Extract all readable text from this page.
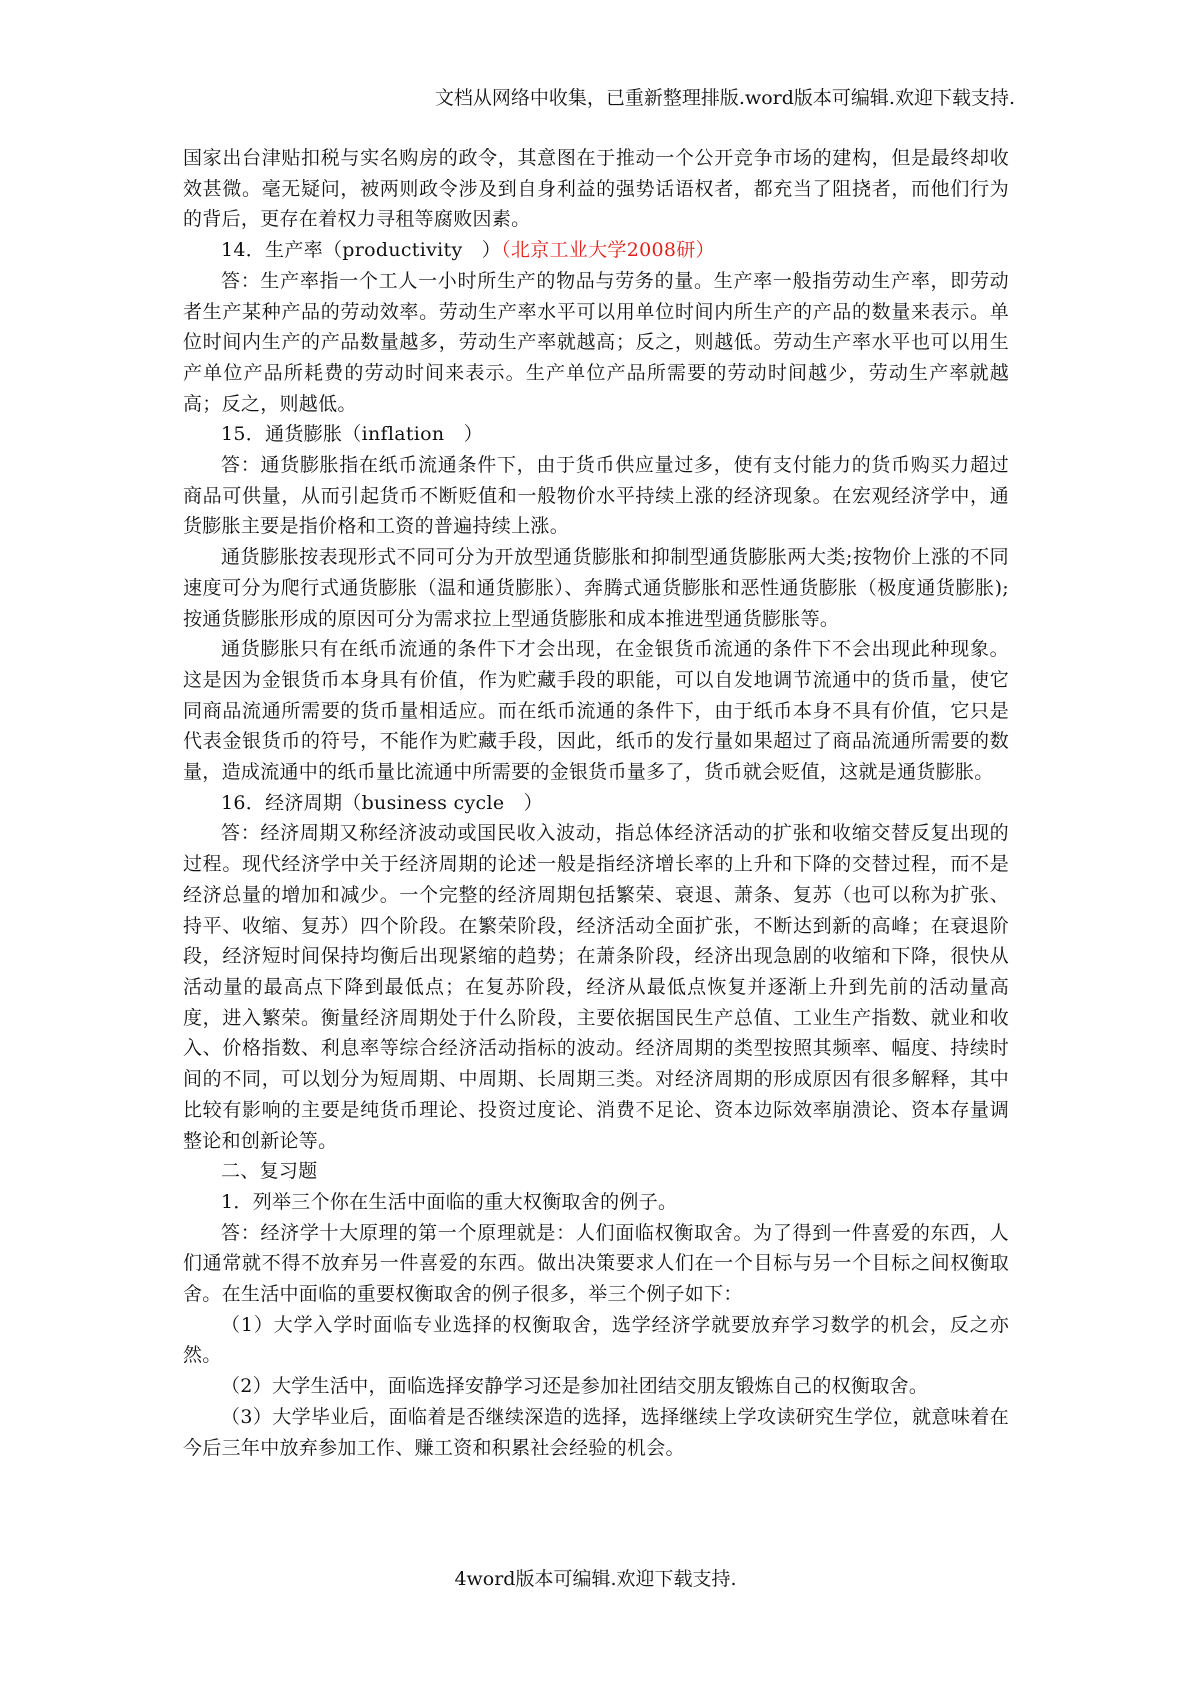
文档从网络中收集，已重新整理排版.word版本可编辑.欢迎下载支持.

国家出台津贴扣税与实名购房的政令，其意图在于推动一个公开竞争市场的建构，但是最终却收效甚微。毫无疑问，被两则政令涉及到自身利益的强势话语权者，都充当了阻挠者，而他们行为的背后，更存在着权力寻租等腐败因素。

14．生产率（productivity　）（北京工业大学2008研）

答：生产率指一个工人一小时所生产的物品与劳务的量。生产率一般指劳动生产率，即劳动者生产某种产品的劳动效率。劳动生产率水平可以用单位时间内所生产的产品的数量来表示。单位时间内生产的产品数量越多，劳动生产率就越高；反之，则越低。劳动生产率水平也可以用生产单位产品所耗费的劳动时间来表示。生产单位产品所需要的劳动时间越少，劳动生产率就越高；反之，则越低。

15．通货膨胀（inflation　）

答：通货膨胀指在纸币流通条件下，由于货币供应量过多，使有支付能力的货币购买力超过商品可供量，从而引起货币不断贬值和一般物价水平持续上涨的经济现象。在宏观经济学中，通货膨胀主要是指价格和工资的普遍持续上涨。

通货膨胀按表现形式不同可分为开放型通货膨胀和抑制型通货膨胀两大类;按物价上涨的不同速度可分为爬行式通货膨胀（温和通货膨胀）、奔腾式通货膨胀和恶性通货膨胀（极度通货膨胀);按通货膨胀形成的原因可分为需求拉上型通货膨胀和成本推进型通货膨胀等。

通货膨胀只有在纸币流通的条件下才会出现，在金银货币流通的条件下不会出现此种现象。这是因为金银货币本身具有价值，作为贮藏手段的职能，可以自发地调节流通中的货币量，使它同商品流通所需要的货币量相适应。而在纸币流通的条件下，由于纸币本身不具有价值，它只是代表金银货币的符号，不能作为贮藏手段，因此，纸币的发行量如果超过了商品流通所需要的数量，造成流通中的纸币量比流通中所需要的金银货币量多了，货币就会贬值，这就是通货膨胀。

16．经济周期（business cycle　）

答：经济周期又称经济波动或国民收入波动，指总体经济活动的扩张和收缩交替反复出现的过程。现代经济学中关于经济周期的论述一般是指经济增长率的上升和下降的交替过程，而不是经济总量的增加和减少。一个完整的经济周期包括繁荣、衰退、萧条、复苏（也可以称为扩张、持平、收缩、复苏）四个阶段。在繁荣阶段，经济活动全面扩张，不断达到新的高峰；在衰退阶段，经济短时间保持均衡后出现紧缩的趋势；在萧条阶段，经济出现急剧的收缩和下降，很快从活动量的最高点下降到最低点；在复苏阶段，经济从最低点恢复并逐渐上升到先前的活动量高度，进入繁荣。衡量经济周期处于什么阶段，主要依据国民生产总值、工业生产指数、就业和收入、价格指数、利息率等综合经济活动指标的波动。经济周期的类型按照其频率、幅度、持续时间的不同，可以划分为短周期、中周期、长周期三类。对经济周期的形成原因有很多解释，其中比较有影响的主要是纯货币理论、投资过度论、消费不足论、资本边际效率崩溃论、资本存量调整论和创新论等。

二、复习题

1．列举三个你在生活中面临的重大权衡取舍的例子。

答：经济学十大原理的第一个原理就是：人们面临权衡取舍。为了得到一件喜爱的东西，人们通常就不得不放弃另一件喜爱的东西。做出决策要求人们在一个目标与另一个目标之间权衡取舍。在生活中面临的重要权衡取舍的例子很多，举三个例子如下：

（1）大学入学时面临专业选择的权衡取舍，选学经济学就要放弃学习数学的机会，反之亦然。

（2）大学生活中，面临选择安静学习还是参加社团结交朋友锻炼自己的权衡取舍。

（3）大学毕业后，面临着是否继续深造的选择，选择继续上学攻读研究生学位，就意味着在今后三年中放弃参加工作、赚工资和积累社会经验的机会。

4word版本可编辑.欢迎下载支持.
